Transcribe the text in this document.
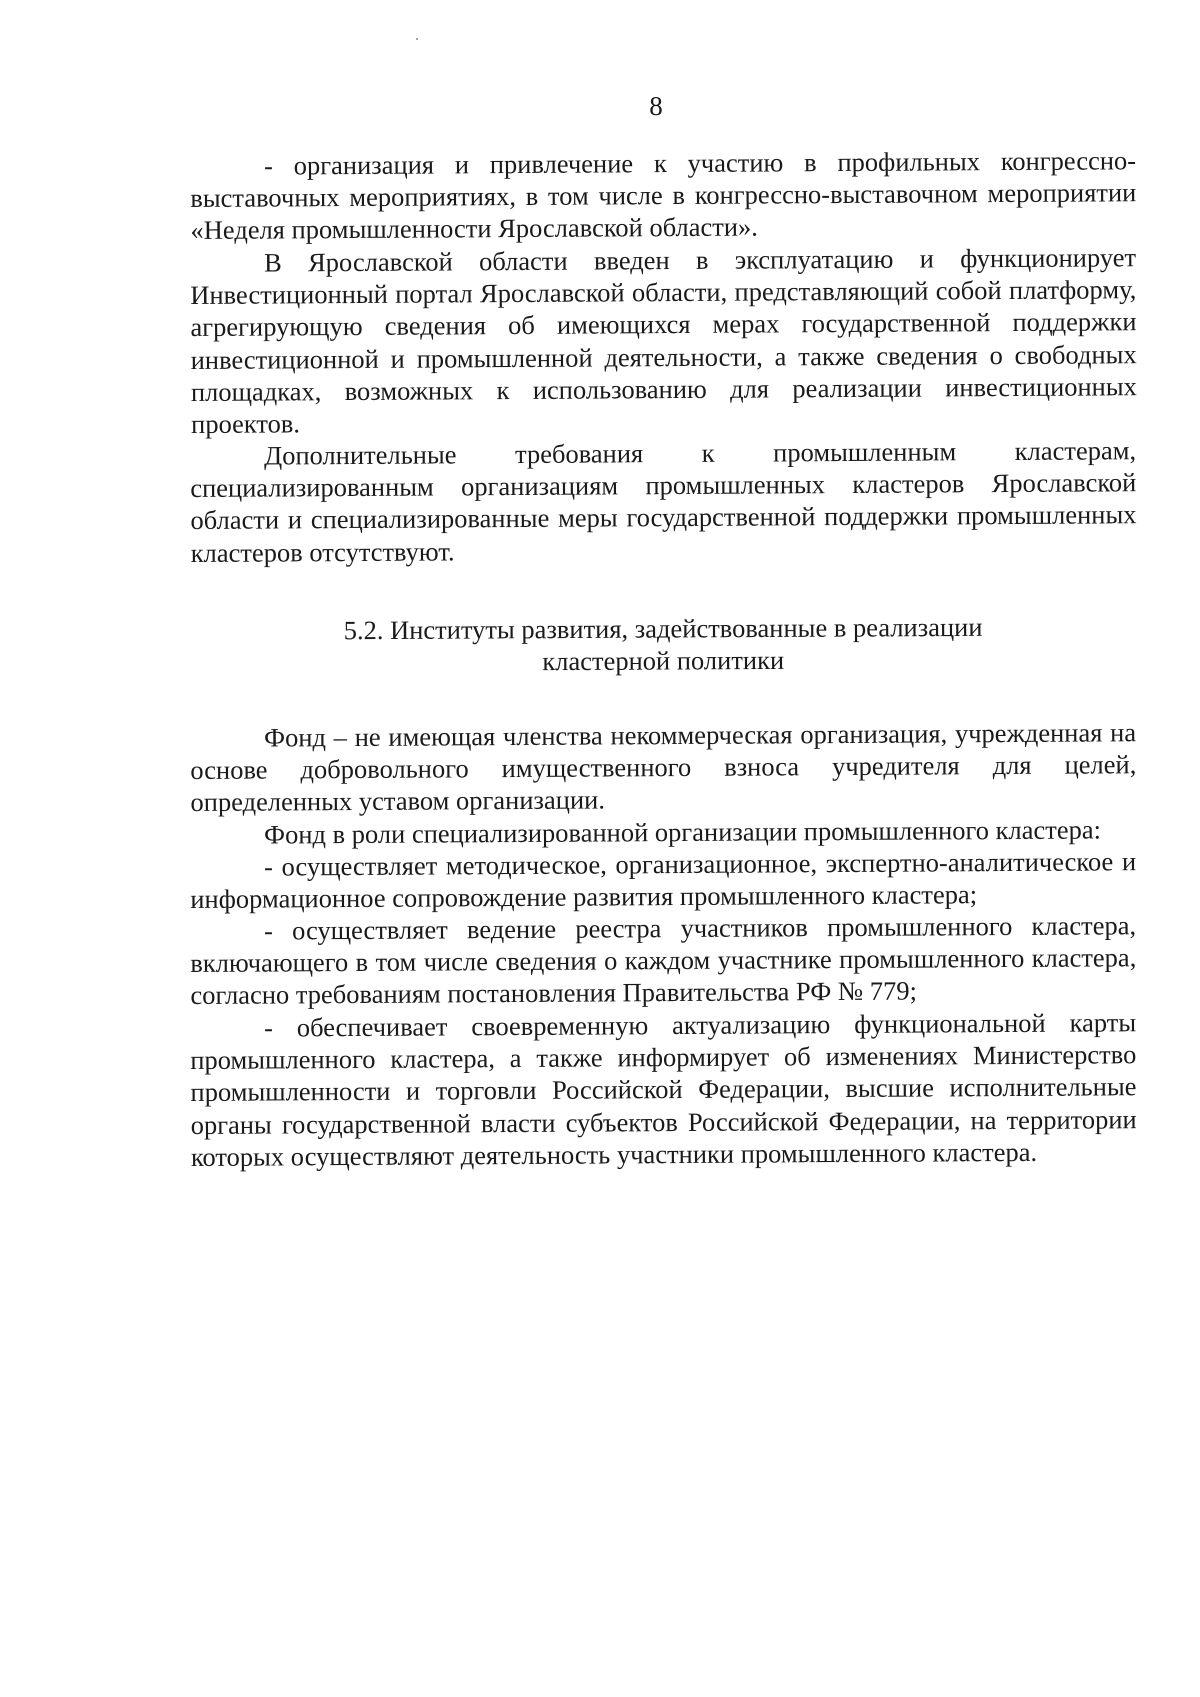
8

- организация и привлечение к участию в профильных конгрессно-выставочных мероприятиях, в том числе в конгрессно-выставочном мероприятии «Неделя промышленности Ярославской области».

В Ярославской области введен в эксплуатацию и функционирует Инвестиционный портал Ярославской области, представляющий собой платформу, агрегирующую сведения об имеющихся мерах государственной поддержки инвестиционной и промышленной деятельности, а также сведения о свободных площадках, возможных к использованию для реализации инвестиционных проектов.

Дополнительные требования к промышленным кластерам, специализированным организациям промышленных кластеров Ярославской области и специализированные меры государственной поддержки промышленных кластеров отсутствуют.

5.2. Институты развития, задействованные в реализации
кластерной политики

Фонд – не имеющая членства некоммерческая организация, учрежденная на основе добровольного имущественного взноса учредителя для целей, определенных уставом организации.

Фонд в роли специализированной организации промышленного кластера:

- осуществляет методическое, организационное, экспертно-аналитическое и информационное сопровождение развития промышленного кластера;

- осуществляет ведение реестра участников промышленного кластера, включающего в том числе сведения о каждом участнике промышленного кластера, согласно требованиям постановления Правительства РФ № 779;

- обеспечивает своевременную актуализацию функциональной карты промышленного кластера, а также информирует об изменениях Министерство промышленности и торговли Российской Федерации, высшие исполнительные органы государственной власти субъектов Российской Федерации, на территории которых осуществляют деятельность участники промышленного кластера.
